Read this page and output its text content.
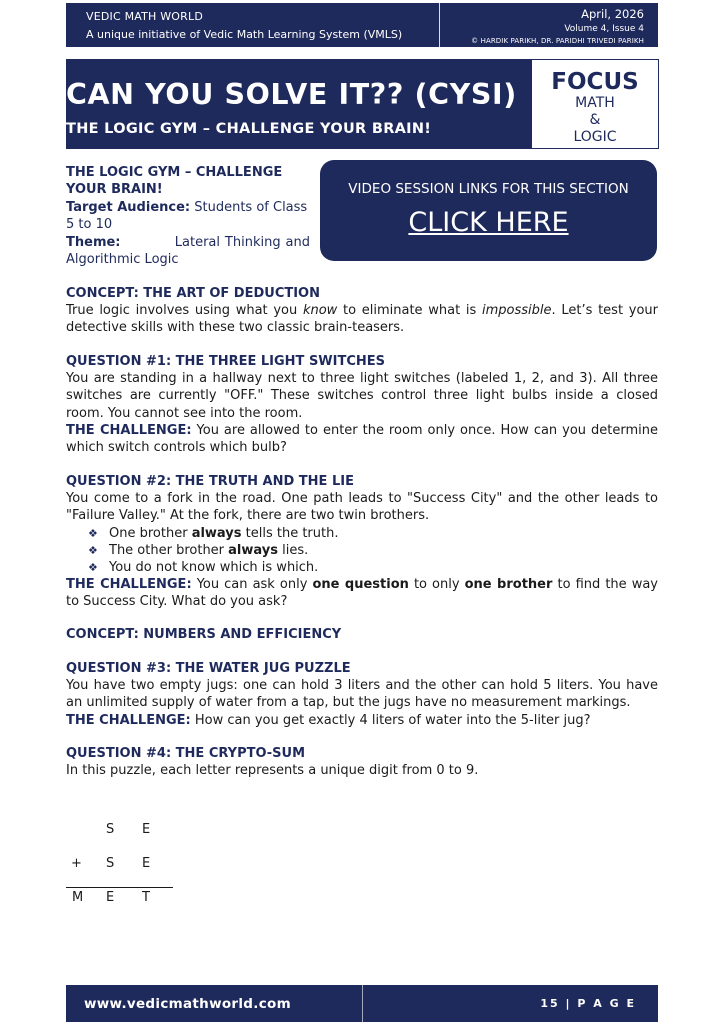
VEDIC MATH WORLD
A unique initiative of Vedic Math Learning System (VMLS)
April, 2026
Volume 4, Issue 4
© HARDIK PARIKH, DR. PARIDHI TRIVEDI PARIKH
CAN YOU SOLVE IT?? (CYSI)
THE LOGIC GYM – CHALLENGE YOUR BRAIN!
FOCUS
MATH
&
LOGIC
THE LOGIC GYM – CHALLENGE YOUR BRAIN!
Target Audience: Students of Class 5 to 10
Theme:	Lateral Thinking and Algorithmic Logic
VIDEO SESSION LINKS FOR THIS SECTION
CLICK HERE
CONCEPT: THE ART OF DEDUCTION
True logic involves using what you know to eliminate what is impossible. Let’s test your detective skills with these two classic brain-teasers.
QUESTION #1: THE THREE LIGHT SWITCHES
You are standing in a hallway next to three light switches (labeled 1, 2, and 3). All three switches are currently "OFF." These switches control three light bulbs inside a closed room. You cannot see into the room.
THE CHALLENGE: You are allowed to enter the room only once. How can you determine which switch controls which bulb?
QUESTION #2: THE TRUTH AND THE LIE
You come to a fork in the road. One path leads to "Success City" and the other leads to "Failure Valley." At the fork, there are two twin brothers.
❖ One brother always tells the truth.
❖ The other brother always lies.
❖ You do not know which is which.
THE CHALLENGE: You can ask only one question to only one brother to find the way to Success City. What do you ask?
CONCEPT: NUMBERS AND EFFICIENCY
QUESTION #3: THE WATER JUG PUZZLE
You have two empty jugs: one can hold 3 liters and the other can hold 5 liters. You have an unlimited supply of water from a tap, but the jugs have no measurement markings.
THE CHALLENGE: How can you get exactly 4 liters of water into the 5-liter jug?
QUESTION #4: THE CRYPTO-SUM
In this puzzle, each letter represents a unique digit from 0 to 9.
S E
+ S E
M E T
www.vedicmathworld.com	15 | P A G E
